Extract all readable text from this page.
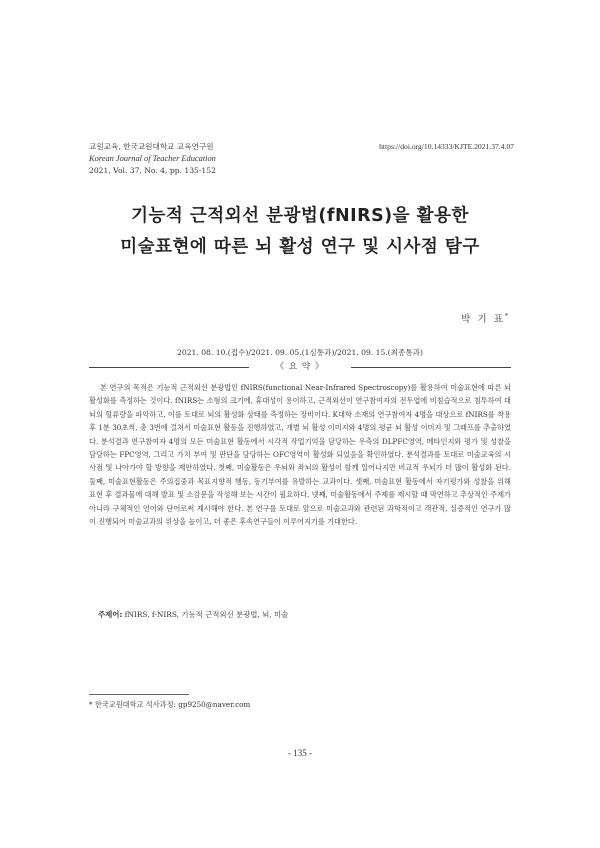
교원교육, 한국교원대학교 교육연구원
Korean Journal of Teacher Education
2021, Vol. 37, No. 4, pp. 135-152
https://doi.org/10.14333/KJTE.2021.37.4.07
기능적 근적외선 분광법(fNIRS)을 활용한
미술표현에 따른 뇌 활성 연구 및 시사점 탐구
박 기 표*
2021. 08. 10.(접수)/2021. 09. 05.(1심통과)/2021. 09. 15.(최종통과)
《 요 약 》

본 연구의 목적은 기능적 근적외선 분광법인 fNIRS(functional Near-Infrared Spectroscopy)를 활용하여 미술표현에 따른 뇌 활성화를 측정하는 것이다. fNIRS는 소형의 크기에, 휴대성이 용이하고, 근적외선이 연구참여자의 전두엽에 비침습적으로 침투하여 대뇌의 혈류량을 파악하고, 이를 토대로 뇌의 활성화 상태를 측정하는 장비이다. K대학 소재의 연구참여자 4명을 대상으로 fNIRS를 착용 후 1분 30초씩, 총 3번에 걸쳐서 미술표현 활동을 진행하였고, 개별 뇌 활성 이미지와 4명의 평균 뇌 활성 이미지 및 그래프를 추출하였다. 분석결과 연구참여자 4명의 모든 미술표현 활동에서 시각적 작업기억을 담당하는 우측의 DLPFC영역, 메타인지와 평가 및 성찰을 담당하는 FPC영역, 그리고 가치 부여 및 판단을 담당하는 OFC영역이 활성화 되었음을 확인하였다. 분석결과를 토대로 미술교육의 시사점 및 나아가야 할 방향을 제안하였다. 첫째, 미술활동은 우뇌와 좌뇌의 활성이 함께 일어나지만 비교적 우뇌가 더 많이 활성화 된다. 둘째, 미술표현활동은 주의집중과 목표지향적 행동, 동기부여를 유발하는 교과이다. 셋째, 미술표현 활동에서 자기평가와 성찰을 위해 표현 후 결과물에 대해 발표 및 소감문을 작성해 보는 시간이 필요하다. 넷째, 미술활동에서 주제를 제시할 때 막연하고 추상적인 주제가 아니라 구체적인 언어와 단어로써 제시해야 한다. 본 연구를 토대로 앞으로 미술교과와 관련된 과학적이고 객관적, 실증적인 연구가 많이 진행되어 미술교과의 위상을 높이고, 더 좋은 후속연구들이 이루어지기를 기대한다.

주제어: fNIRS, f-NIRS, 기능적 근적외선 분광법, 뇌, 미술
* 한국교원대학교 석사과정: gp9250@naver.com
- 135 -
